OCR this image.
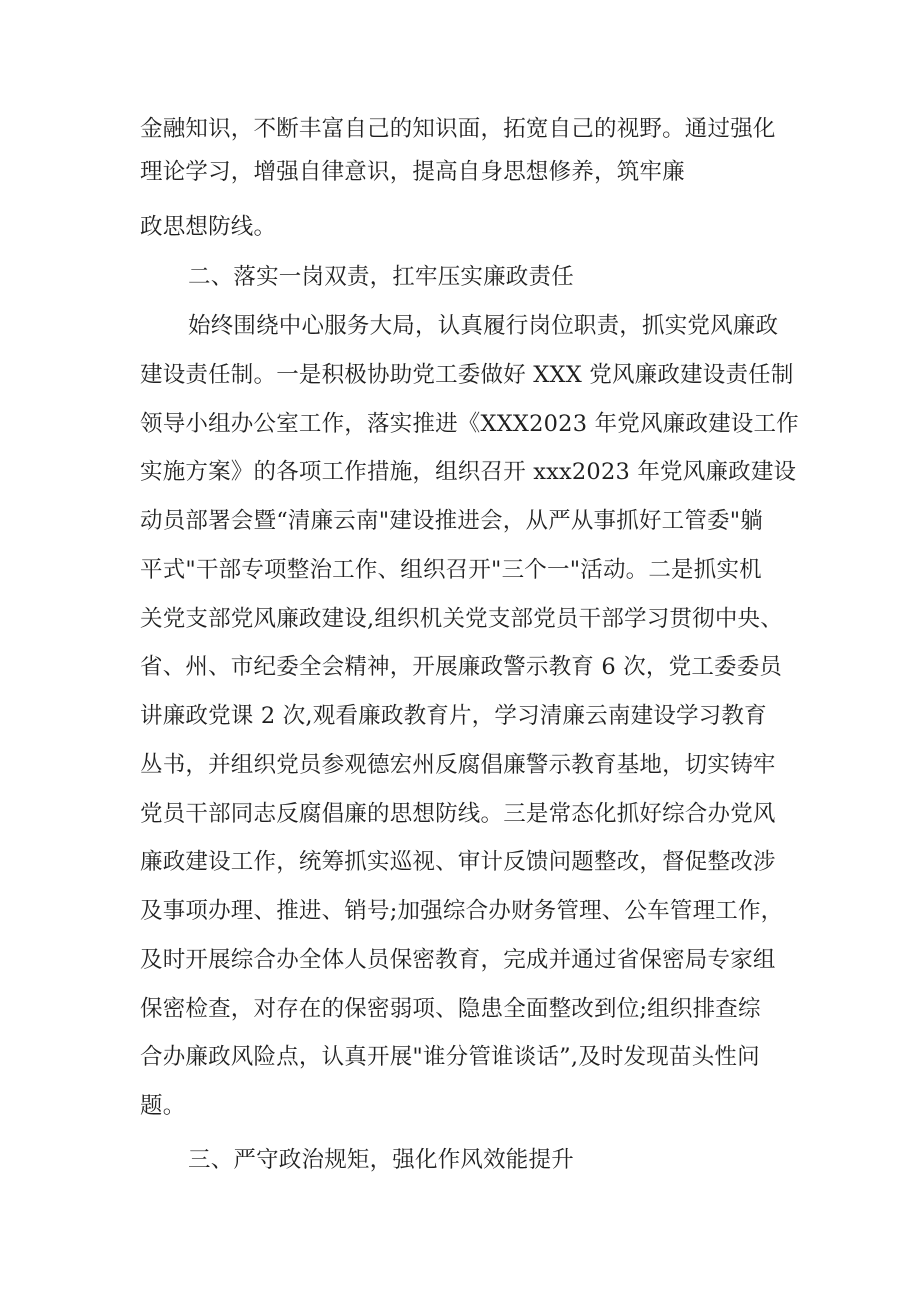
金融知识，不断丰富自己的知识面，拓宽自己的视野。通过强化
理论学习，增强自律意识，提高自身思想修养，筑牢廉
政思想防线。
二、落实一岗双责，扛牢压实廉政责任
始终围绕中心服务大局，认真履行岗位职责，抓实党风廉政
建设责任制。一是积极协助党工委做好 XXX 党风廉政建设责任制
领导小组办公室工作，落实推进《XXX2023 年党风廉政建设工作
实施方案》的各项工作措施，组织召开 xxx2023 年党风廉政建设
动员部署会暨“清廉云南"建设推进会，从严从事抓好工管委"躺
平式"干部专项整治工作、组织召开"三个一"活动。二是抓实机
关党支部党风廉政建设,组织机关党支部党员干部学习贯彻中央、
省、州、市纪委全会精神，开展廉政警示教育 6 次，党工委委员
讲廉政党课 2 次,观看廉政教育片，学习清廉云南建设学习教育
丛书，并组织党员参观德宏州反腐倡廉警示教育基地，切实铸牢
党员干部同志反腐倡廉的思想防线。三是常态化抓好综合办党风
廉政建设工作，统筹抓实巡视、审计反馈问题整改，督促整改涉
及事项办理、推进、销号;加强综合办财务管理、公车管理工作，
及时开展综合办全体人员保密教育，完成并通过省保密局专家组
保密检查，对存在的保密弱项、隐患全面整改到位;组织排查综
合办廉政风险点，认真开展"谁分管谁谈话”,及时发现苗头性问
题。
三、严守政治规矩，强化作风效能提升
